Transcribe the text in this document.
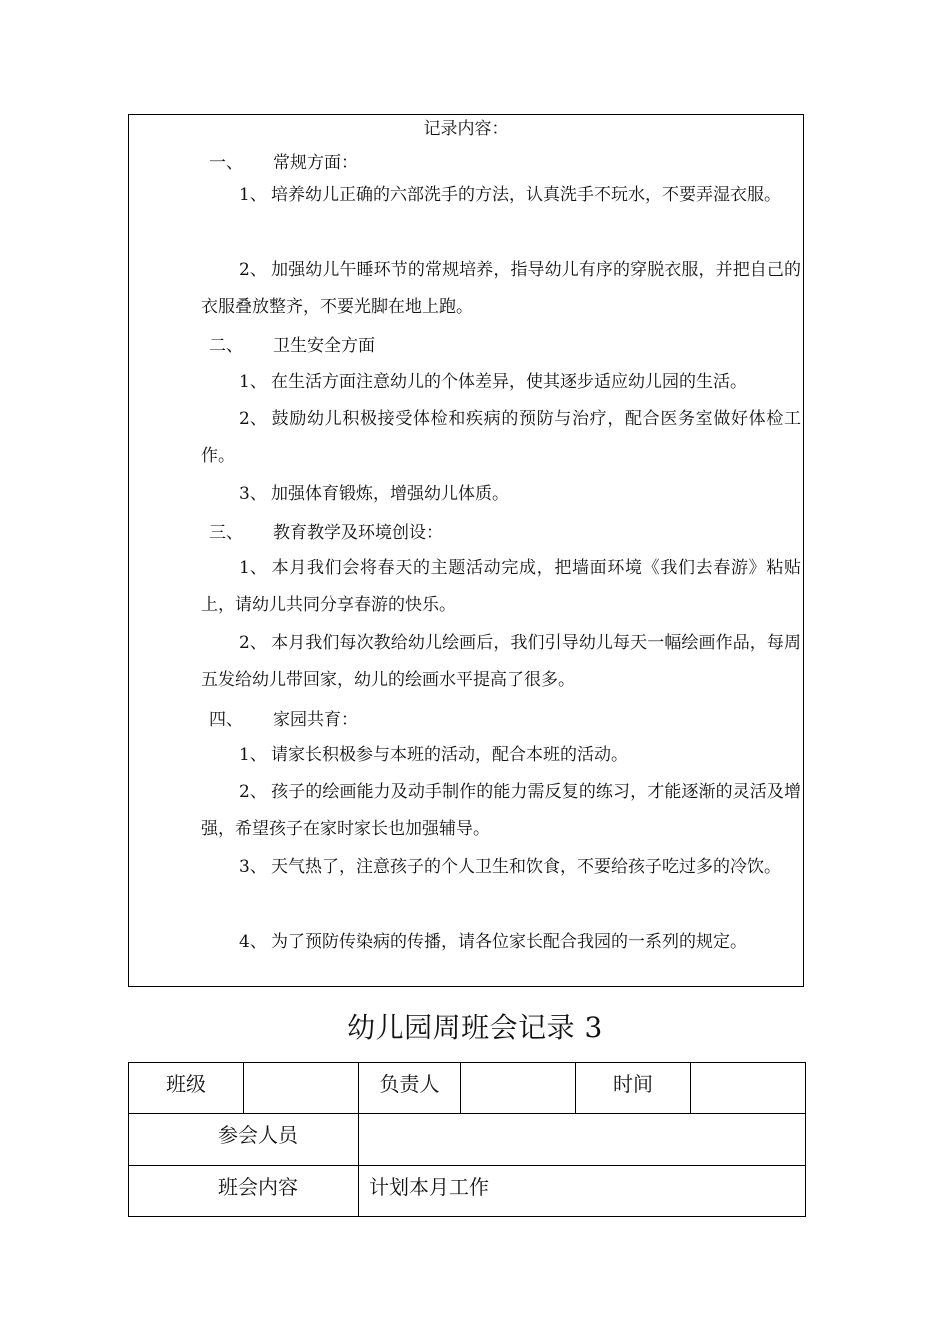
记录内容：
一、 常规方面：

1、 培养幼儿正确的六部洗手的方法，认真洗手不玩水，不要弄湿衣服。

2、 加强幼儿午睡环节的常规培养，指导幼儿有序的穿脱衣服，并把自己的衣服叠放整齐，不要光脚在地上跑。

二、 卫生安全方面

1、 在生活方面注意幼儿的个体差异，使其逐步适应幼儿园的生活。

2、 鼓励幼儿积极接受体检和疾病的预防与治疗，配合医务室做好体检工作。

3、 加强体育锻炼，增强幼儿体质。

三、 教育教学及环境创设：

1、 本月我们会将春天的主题活动完成，把墙面环境《我们去春游》粘贴上，请幼儿共同分享春游的快乐。

2、 本月我们每次教给幼儿绘画后，我们引导幼儿每天一幅绘画作品，每周五发给幼儿带回家，幼儿的绘画水平提高了很多。

四、 家园共育：

1、 请家长积极参与本班的活动，配合本班的活动。

2、 孩子的绘画能力及动手制作的能力需反复的练习，才能逐渐的灵活及增强，希望孩子在家时家长也加强辅导。

3、 天气热了，注意孩子的个人卫生和饮食，不要给孩子吃过多的冷饮。

4、 为了预防传染病的传播，请各位家长配合我园的一系列的规定。

幼儿园周班会记录 3
班级		负责人		时间	
参会人员					
班会内容		计划本月工作			
